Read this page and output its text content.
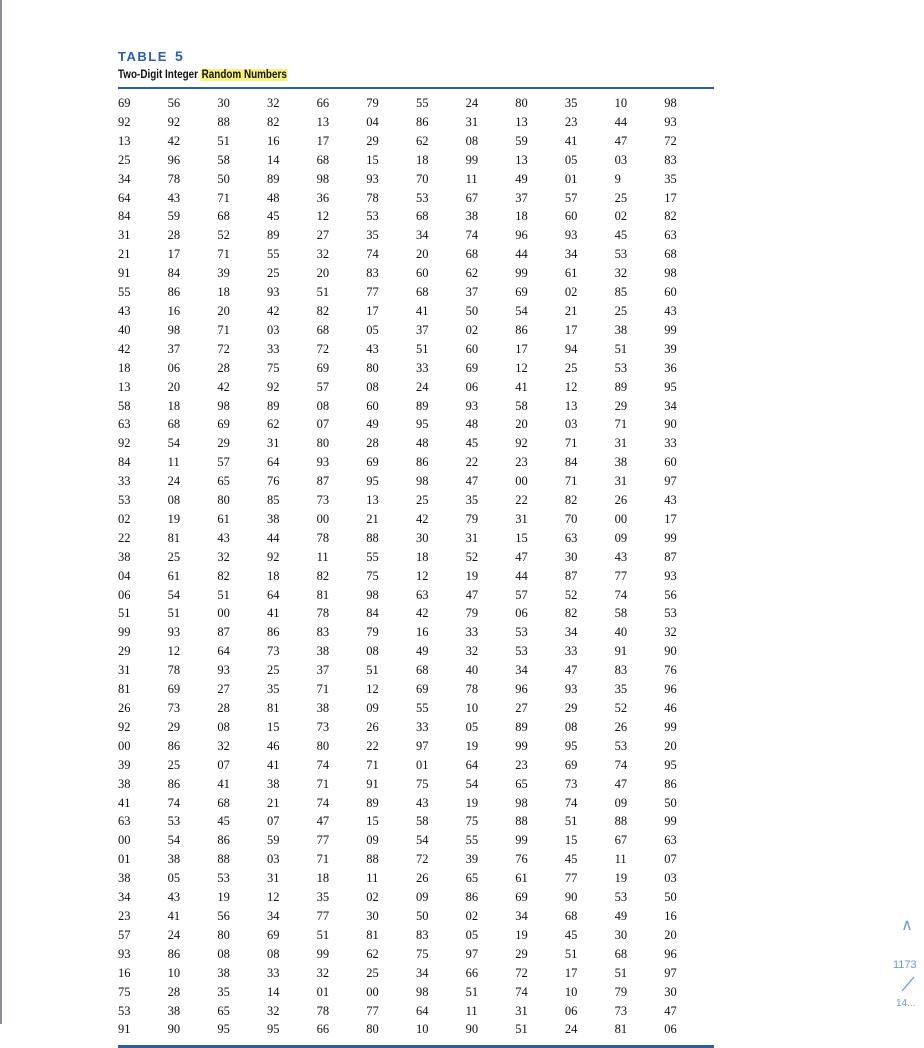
TABLE 5
Two-Digit Integer Random Numbers
69	56	30	32	66	79	55	24	80	35	10	98
92	92	88	82	13	04	86	31	13	23	44	93
13	42	51	16	17	29	62	08	59	41	47	72
25	96	58	14	68	15	18	99	13	05	03	83
34	78	50	89	98	93	70	11	49	01	9	35
64	43	71	48	36	78	53	67	37	57	25	17
84	59	68	45	12	53	68	38	18	60	02	82
31	28	52	89	27	35	34	74	96	93	45	63
21	17	71	55	32	74	20	68	44	34	53	68
91	84	39	25	20	83	60	62	99	61	32	98
55	86	18	93	51	77	68	37	69	02	85	60
43	16	20	42	82	17	41	50	54	21	25	43
40	98	71	03	68	05	37	02	86	17	38	99
42	37	72	33	72	43	51	60	17	94	51	39
18	06	28	75	69	80	33	69	12	25	53	36
13	20	42	92	57	08	24	06	41	12	89	95
58	18	98	89	08	60	89	93	58	13	29	34
63	68	69	62	07	49	95	48	20	03	71	90
92	54	29	31	80	28	48	45	92	71	31	33
84	11	57	64	93	69	86	22	23	84	38	60
33	24	65	76	87	95	98	47	00	71	31	97
53	08	80	85	73	13	25	35	22	82	26	43
02	19	61	38	00	21	42	79	31	70	00	17
22	81	43	44	78	88	30	31	15	63	09	99
38	25	32	92	11	55	18	52	47	30	43	87
04	61	82	18	82	75	12	19	44	87	77	93
06	54	51	64	81	98	63	47	57	52	74	56
51	51	00	41	78	84	42	79	06	82	58	53
99	93	87	86	83	79	16	33	53	34	40	32
29	12	64	73	38	08	49	32	53	33	91	90
31	78	93	25	37	51	68	40	34	47	83	76
81	69	27	35	71	12	69	78	96	93	35	96
26	73	28	81	38	09	55	10	27	29	52	46
92	29	08	15	73	26	33	05	89	08	26	99
00	86	32	46	80	22	97	19	99	95	53	20
39	25	07	41	74	71	01	64	23	69	74	95
38	86	41	38	71	91	75	54	65	73	47	86
41	74	68	21	74	89	43	19	98	74	09	50
63	53	45	07	47	15	58	75	88	51	88	99
00	54	86	59	77	09	54	55	99	15	67	63
01	38	88	03	71	88	72	39	76	45	11	07
38	05	53	31	18	11	26	65	61	77	19	03
34	43	19	12	35	02	09	86	69	90	53	50
23	41	56	34	77	30	50	02	34	68	49	16
57	24	80	69	51	81	83	05	19	45	30	20
93	86	08	08	99	62	75	97	29	51	68	96
16	10	38	33	32	25	34	66	72	17	51	97
75	28	35	14	01	00	98	51	74	10	79	30
53	38	65	32	78	77	64	11	31	06	73	47
91	90	95	95	66	80	10	90	51	24	81	06
∧
1173
14...
